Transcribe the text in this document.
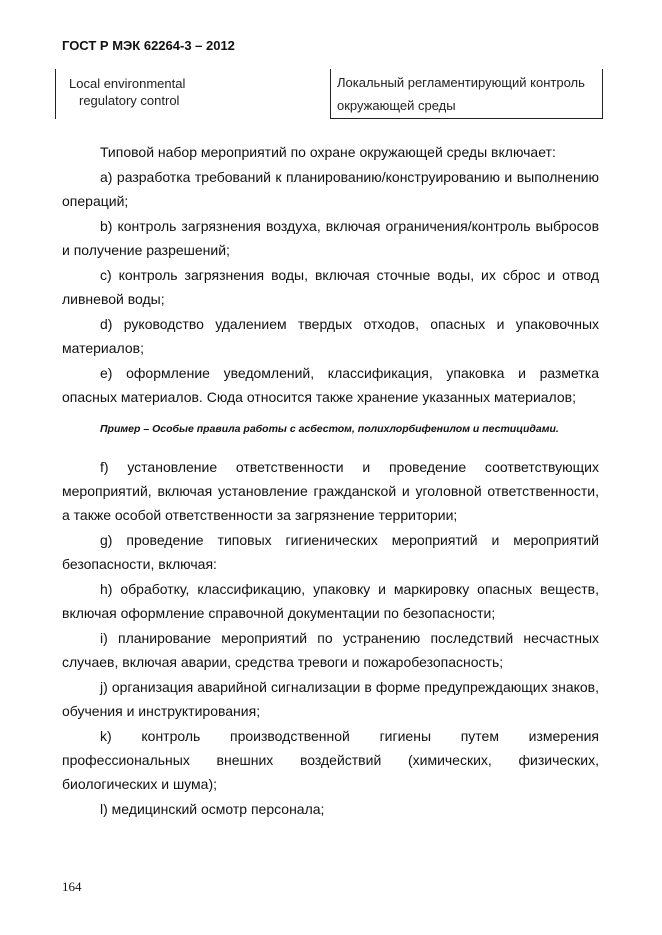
ГОСТ Р МЭК 62264-3 – 2012
Local environmental
regulatory control
Локальный регламентирующий контроль
окружающей среды

Типовой набор мероприятий по охране окружающей среды включает:

а) разработка требований к планированию/конструированию и выполнению операций;

b) контроль загрязнения воздуха, включая ограничения/контроль выбросов и получение разрешений;

c) контроль загрязнения воды, включая сточные воды, их сброс и отвод ливневой воды;

d) руководство удалением твердых отходов, опасных и упаковочных материалов;

e) оформление уведомлений, классификация, упаковка и разметка опасных материалов. Сюда относится также хранение указанных материалов;

Пример – Особые правила работы с асбестом, полихлорбифенилом и пестицидами.

f) установление ответственности и проведение соответствующих мероприятий, включая установление гражданской и уголовной ответственности, а также особой ответственности за загрязнение территории;

g) проведение типовых гигиенических мероприятий и мероприятий безопасности, включая:

h) обработку, классификацию, упаковку и маркировку опасных веществ, включая оформление справочной документации по безопасности;

i) планирование мероприятий по устранению последствий несчастных случаев, включая аварии, средства тревоги и пожаробезопасность;

j) организация аварийной сигнализации в форме предупреждающих знаков, обучения и инструктирования;

k) контроль производственной гигиены путем измерения профессиональных внешних воздействий (химических, физических, биологических и шума);

l) медицинский осмотр персонала;

164
